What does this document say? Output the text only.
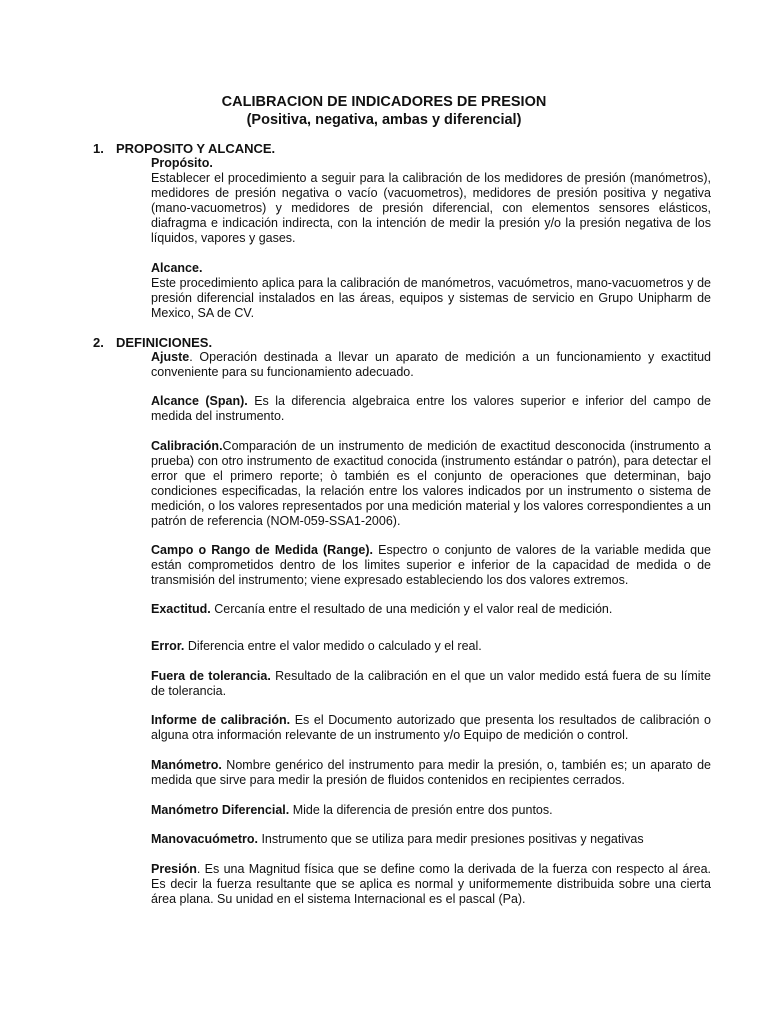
CALIBRACION DE INDICADORES DE PRESION
(Positiva, negativa, ambas y diferencial)
1. PROPOSITO Y ALCANCE.
Propósito.
Establecer el procedimiento a seguir para la calibración de los medidores de presión (manómetros), medidores de presión negativa o vacío (vacuometros), medidores de presión positiva y negativa (mano-vacuometros) y medidores de presión diferencial, con elementos sensores elásticos, diafragma e indicación indirecta, con la intención de medir la presión y/o la presión negativa de los líquidos, vapores y gases.
Alcance.
Este procedimiento aplica para la calibración de manómetros, vacuómetros, mano-vacuometros y de presión diferencial instalados en las áreas, equipos y sistemas de servicio en Grupo Unipharm de Mexico, SA de CV.
2. DEFINICIONES.
Ajuste. Operación destinada a llevar un aparato de medición a un funcionamiento y exactitud conveniente para su funcionamiento adecuado.
Alcance (Span). Es la diferencia algebraica entre los valores superior e inferior del campo de medida del instrumento.
Calibración.Comparación de un instrumento de medición de exactitud desconocida (instrumento a prueba) con otro instrumento de exactitud conocida (instrumento estándar o patrón), para detectar el error que el primero reporte; ò también es el conjunto de operaciones que determinan, bajo condiciones especificadas, la relación entre los valores indicados por un instrumento o sistema de medición, o los valores representados por una medición material y los valores correspondientes a un patrón de referencia (NOM-059-SSA1-2006).
Campo o Rango de Medida (Range). Espectro o conjunto de valores de la variable medida que están comprometidos dentro de los limites superior e inferior de la capacidad de medida o de transmisión del instrumento; viene expresado estableciendo los dos valores extremos.
Exactitud. Cercanía entre el resultado de una medición y el valor real de medición.
Error. Diferencia entre el valor medido o calculado y el real.
Fuera de tolerancia. Resultado de la calibración en el que un valor medido está fuera de su límite de tolerancia.
Informe de calibración. Es el Documento autorizado que presenta los resultados de calibración o alguna otra información relevante de un instrumento y/o Equipo de medición o control.
Manómetro. Nombre genérico del instrumento para medir la presión, o, también es; un aparato de medida que sirve para medir la presión de fluidos contenidos en recipientes cerrados.
Manómetro Diferencial. Mide la diferencia de presión entre dos puntos.
Manovacuómetro. Instrumento que se utiliza para medir presiones positivas y negativas
Presión. Es una Magnitud física que se define como la derivada de la fuerza con respecto al área. Es decir la fuerza resultante que se aplica es normal y uniformemente distribuida sobre una cierta área plana. Su unidad en el sistema Internacional es el pascal (Pa).
